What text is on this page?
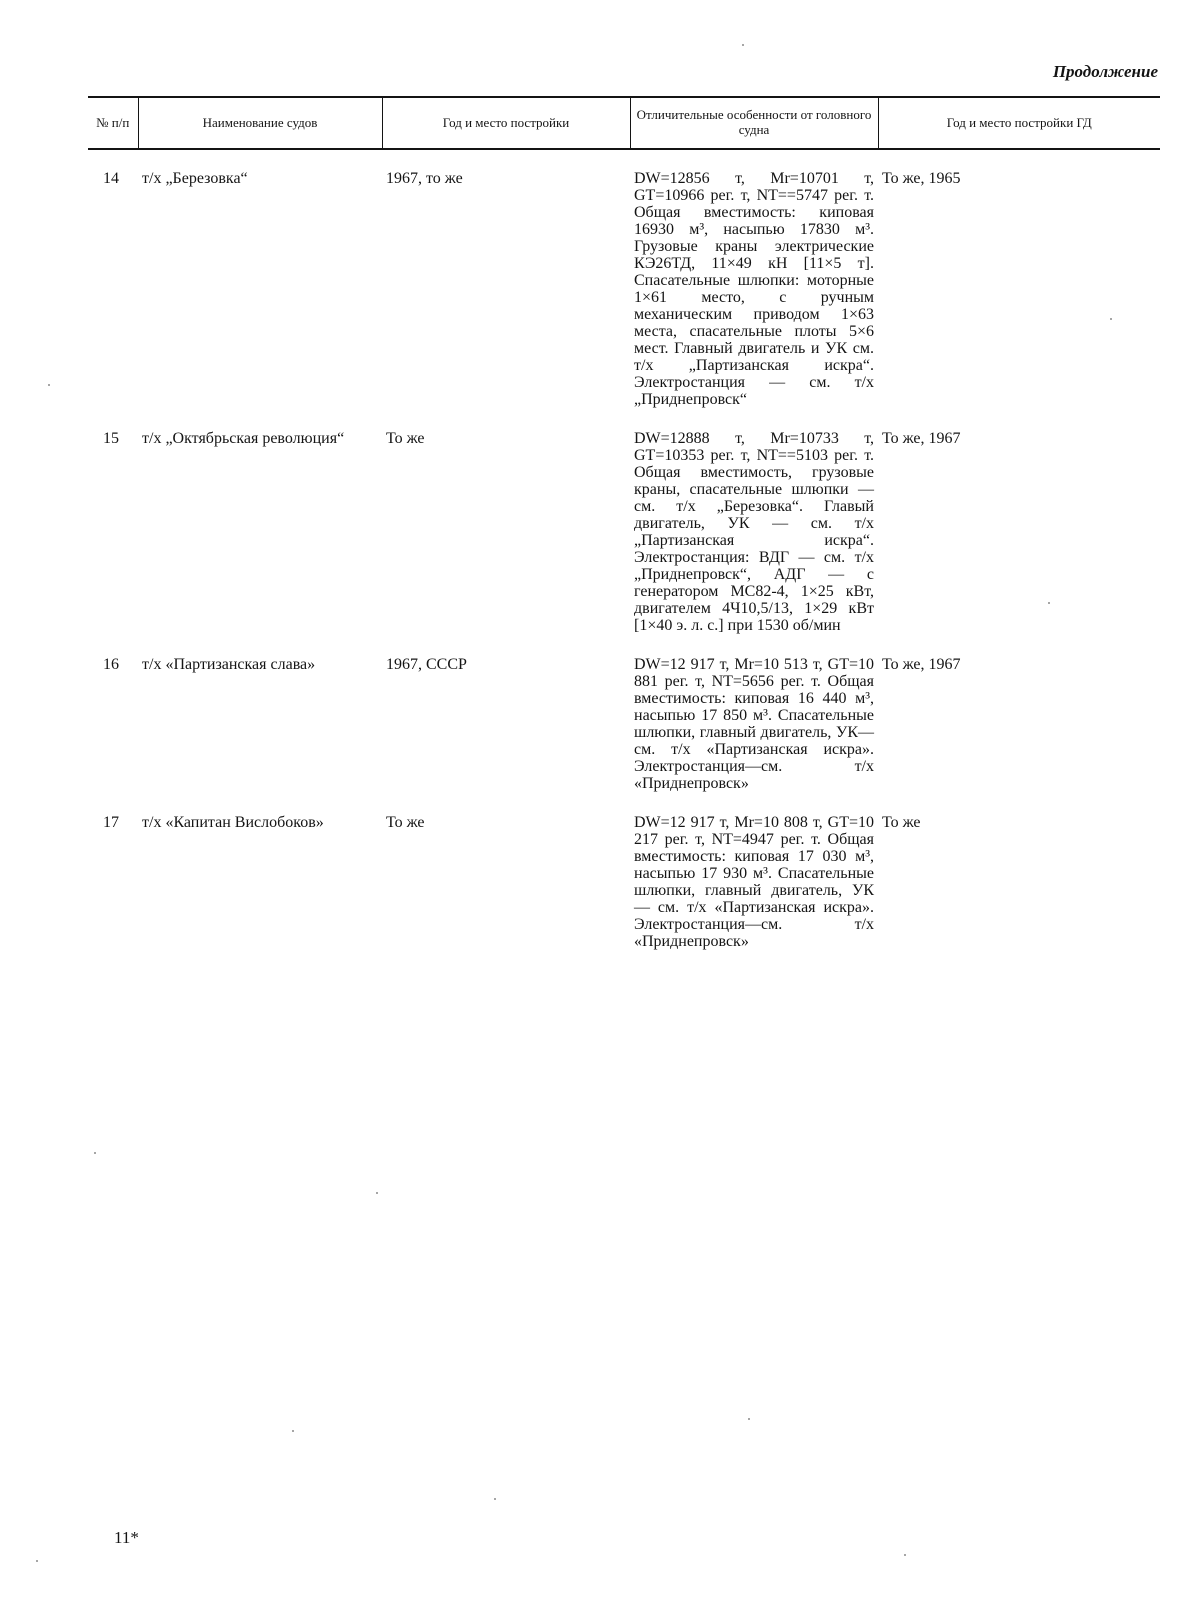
Продолжение
№ п/п	Наименование судов	Год и место постройки	Отличительные особенности от головного судна	Год и место постройки ГД
14	т/х „Березовка“	1967, то же	DW=12856 т, Mr=10701 т, GT=10966 рег. т, NT==5747 рег. т. Общая вместимость: киповая 16930 м³, насыпью 17830 м³. Грузовые краны электрические КЭ26ТД, 11×49 кН [11×5 т]. Спасательные шлюпки: моторные 1×61 место, с ручным механическим приводом 1×63 места, спасательные плоты 5×6 мест. Главный двигатель и УК см. т/х „Партизанская искра“. Электростанция — см. т/х „Приднепровск“	То же, 1965
15	т/х „Октябрьская революция“	То же	DW=12888 т, Mr=10733 т, GT=10353 рег. т, NT==5103 рег. т. Общая вместимость, грузовые краны, спасательные шлюпки —см. т/х „Березовка“. Главый двигатель, УК — см. т/х „Партизанская искра“. Электростанция: ВДГ — см. т/х „Приднепровск“, АДГ — с генератором МС82-4, 1×25 кВт, двигателем 4Ч10,5/13, 1×29 кВт [1×40 э. л. с.] при 1530 об/мин	То же, 1967
16	т/х «Партизанская слава»	1967, СССР	DW=12 917 т, Mr=10 513 т, GT=10 881 рег. т, NT=5656 рег. т. Общая вместимость: киповая 16 440 м³, насыпью 17 850 м³. Спасательные шлюпки, главный двигатель, УК—см. т/х «Партизанская искра». Электростанция—см. т/х «Приднепровск»	То же, 1967
17	т/х «Капитан Вислобоков»	То же	DW=12 917 т, Mr=10 808 т, GT=10 217 рег. т, NT=4947 рег. т. Общая вместимость: киповая 17 030 м³, насыпью 17 930 м³. Спасательные шлюпки, главный двигатель, УК — см. т/х «Партизанская искра». Электростанция—см. т/х «Приднепровск»	То же
11*
